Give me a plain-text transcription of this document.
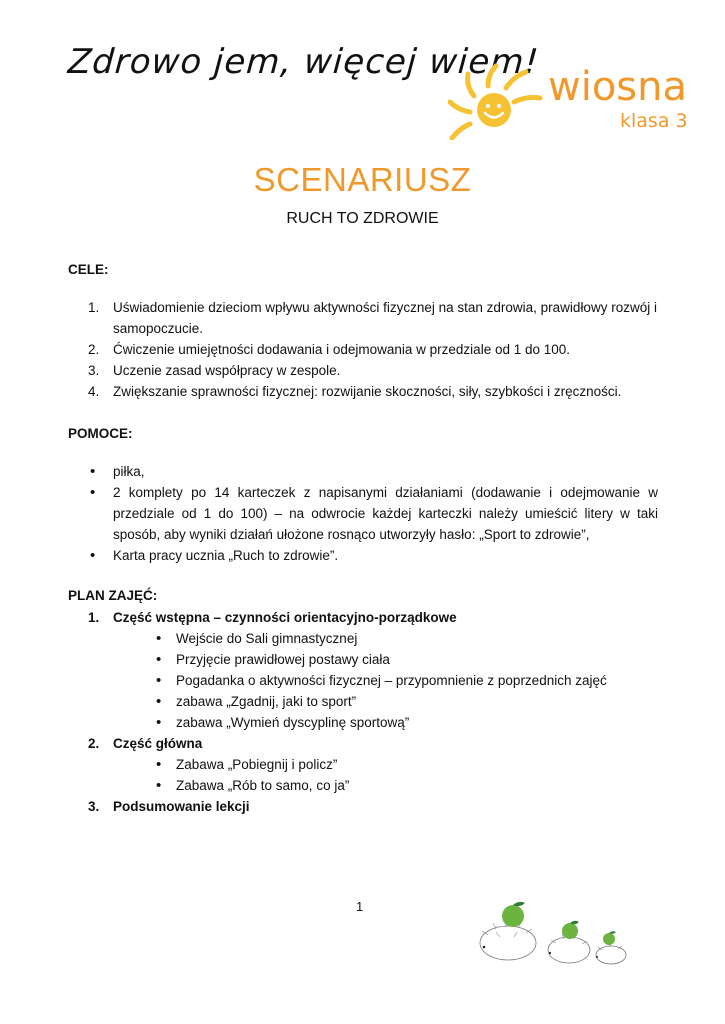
Zdrowo jem, więcej wiem!
wiosna
klasa 3
SCENARIUSZ
RUCH TO ZDROWIE
CELE:
1. Uświadomienie dzieciom wpływu aktywności fizycznej na stan zdrowia, prawidłowy rozwój i samopoczucie.
2. Ćwiczenie umiejętności dodawania i odejmowania w przedziale od 1 do 100.
3. Uczenie zasad współpracy w zespole.
4. Zwiększanie sprawności fizycznej: rozwijanie skoczności, siły, szybkości i zręczności.
POMOCE:
• piłka,
• 2 komplety po 14 karteczek z napisanymi działaniami (dodawanie i odejmowanie w przedziale od 1 do 100) – na odwrocie każdej karteczki należy umieścić litery w taki sposób, aby wyniki działań ułożone rosnąco utworzyły hasło: „Sport to zdrowie”,
• Karta pracy ucznia „Ruch to zdrowie”.
PLAN ZAJĘĆ:
1. Część wstępna – czynności orientacyjno-porządkowe
• Wejście do Sali gimnastycznej
• Przyjęcie prawidłowej postawy ciała
• Pogadanka o aktywności fizycznej – przypomnienie z poprzednich zajęć
• zabawa „Zgadnij, jaki to sport”
• zabawa „Wymień dyscyplinę sportową”
2. Część główna
• Zabawa „Pobiegnij i policz”
• Zabawa „Rób to samo, co ja”
3. Podsumowanie lekcji
1
